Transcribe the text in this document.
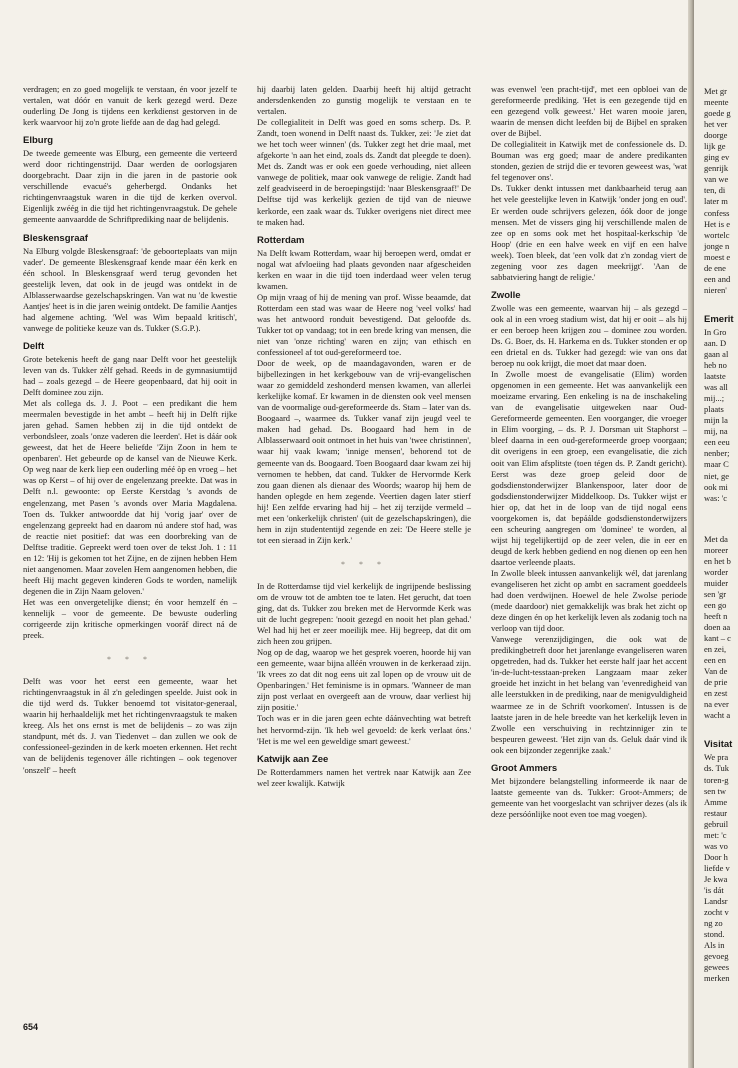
verdragen; en zo goed mogelijk te verstaan, én voor jezelf te vertalen, wat dóór en vanuit de kerk gezegd werd. Deze ouderling De Jong is tijdens een kerkdienst gestorven in de kerk waarvoor hij zo'n grote liefde aan de dag had gelegd.

Elburg

De tweede gemeente was Elburg, een gemeente die verteerd werd door richtingenstrijd. Daar werden de oorlogsjaren doorgebracht. Daar zijn in die jaren in de pastorie ook verschillende evacué's geherbergd. Ondanks het richtingenvraagstuk waren in die tijd de kerken overvol. Eigenlijk zwéég in die tijd het richtingenvraagstuk. De gehele gemeente aanvaardde de Schriftprediking naar de belijdenis.

Bleskensgraaf

Na Elburg volgde Bleskensgraaf: 'de geboorteplaats van mijn vader'. De gemeente Bleskensgraaf kende maar één kerk en één school. In Bleskensgraaf werd terug gevonden het geestelijk leven, dat ook in de jeugd was ontdekt in de Alblasserwaardse gezelschapskringen. Van wat nu 'de kwestie Aantjes' heet is in die jaren weinig ontdekt. De familie Aantjes had algemene achting. 'Wel was Wim bepaald kritisch', vanwege de politieke keuze van ds. Tukker (S.G.P.).

Delft

Grote betekenis heeft de gang naar Delft voor het geestelijk leven van ds. Tukker zèlf gehad. Reeds in de gymnasiumtijd had – zoals gezegd – de Heere geopenbaard, dat hij ooit in Delft dominee zou zijn.

Met als collega ds. J. J. Poot – een predikant die hem meermalen bevestigde in het ambt – heeft hij in Delft rijke jaren gehad. Samen hebben zij in die tijd ontdekt de verbondsleer, zoals 'onze vaderen die leerden'. Het is dáár ook geweest, dat het de Heere beliefde 'Zijn Zoon in hem te openbaren'. Het gebeurde op de kansel van de Nieuwe Kerk. Op weg naar de kerk liep een ouderling méé òp en vroeg – het was op Kerst – of hij over de engelenzang preekte. Dat was in Delft n.l. gewoonte: op Eerste Kerstdag 's avonds de engelenzang, met Pasen 's avonds over Maria Magdalena. Toen ds. Tukker antwoordde dat hij 'vorig jaar' over de engelenzang gepreekt had en daarom nú andere stof had, was de reactie niet positief: dat was een doorbreking van de Delftse traditie. Gepreekt werd toen over de tekst Joh. 1 : 11 en 12: 'Hij is gekomen tot het Zijne, en de zijnen hebben Hem niet aangenomen. Maar zovelen Hem aangenomen hebben, die heeft Hij macht gegeven kinderen Gods te worden, namelijk degenen die in Zijn Naam geloven.'

Het was een onvergetelijke dienst; én voor hemzelf én – kennelijk – voor de gemeente. De bewuste ouderling corrigeerde zijn kritische opmerkingen vooráf direct ná de preek.

* * *

Delft was voor het eerst een gemeente, waar het richtingenvraagstuk in ál z'n geledingen speelde. Juist ook in die tijd werd ds. Tukker benoemd tot visitator-generaal, waarin hij herhaaldelijk met het richtingenvraagstuk te maken kreeg. Als het ons ernst is met de belijdenis – zo was zijn standpunt, mét ds. J. van Tiedenvet – dan zullen we ook de confessioneel-gezinden in de kerk moeten erkennen. Het recht van de belijdenis tegenover álle richtingen – ook tegenover 'onszelf' – heeft

hij daarbij laten gelden. Daarbij heeft hij altijd getracht andersdenkenden zo gunstig mogelijk te verstaan en te vertalen.

De collegialiteit in Delft was goed en soms scherp. Ds. P. Zandt, toen wonend in Delft naast ds. Tukker, zei: 'Je ziet dat we het toch weer winnen' (ds. Tukker zegt het drie maal, met afgekorte 'n aan het eind, zoals ds. Zandt dat pleegde te doen). Met ds. Zandt was er ook een goede verhouding, niet alleen vanwege de politiek, maar ook vanwege de religie. Zandt had zelf geadviseerd in de beroepingstijd: 'naar Bleskensgraaf!' De Delftse tijd was kerkelijk gezien de tijd van de nieuwe kerkorde, een zaak waar ds. Tukker overigens niet direct mee te maken had.

Rotterdam

Na Delft kwam Rotterdam, waar hij beroepen werd, omdat er nogal wat afvloeiing had plaats gevonden naar afgescheiden kerken en waar in die tijd toen inderdaad weer velen terug kwamen.

Op mijn vraag of hij de mening van prof. Wisse beaamde, dat Rotterdam een stad was waar de Heere nog 'veel volks' had was het antwoord ronduit bevestigend. Dat geloofde ds. Tukker tot op vandaag; tot in een brede kring van mensen, die niet van 'onze richting' waren en zijn; van ethisch en confessioneel af tot oud-gereformeerd toe.

Door de week, op de maandagavonden, waren er de bijbellezingen in het kerkgebouw van de vrij-evangelischen waar zo gemiddeld zeshonderd mensen kwamen, van allerlei kerkelijke komaf. Er kwamen in de diensten ook veel mensen van de voormalige oud-gereformeerde ds. Stam – later van ds. Boogaard –, waarmee ds. Tukker vanaf zijn jeugd veel te maken had gehad. Ds. Boogaard had hem in de Alblasserwaard ooit ontmoet in het huis van 'twee christinnen', waar hij vaak kwam; 'innige mensen', behorend tot de gemeente van ds. Boogaard. Toen Boogaard daar kwam zei hij vernomen te hebben, dat cand. Tukker de Hervormde Kerk zou gaan dienen als dienaar des Woords; waarop hij hem de handen oplegde en hem zegende. Veertien dagen later stierf hij! Een zelfde ervaring had hij – het zij terzijde vermeld – met een 'onkerkelijk christen' (uit de gezelschapskringen), die hem in zijn studententijd zegende en zei: 'De Heere stelle je tot een sieraad in Zijn kerk.'

* * *

In de Rotterdamse tijd viel kerkelijk de ingrijpende beslissing om de vrouw tot de ambten toe te laten. Het gerucht, dat toen ging, dat ds. Tukker zou breken met de Hervormde Kerk was uit de lucht gegrepen: 'nooit gezegd en nooit het plan gehad.' Wel had hij het er zeer moeilijk mee. Hij begreep, dat dit om zich heen zou grijpen.

Nog op de dag, waarop we het gesprek voeren, hoorde hij van een gemeente, waar bijna alléén vrouwen in de kerkeraad zijn. 'Ik vrees zo dat dit nog eens uit zal lopen op de vrouw uit de Openbaringen.' Het feminisme is in opmars. 'Wanneer de man zijn post verlaat en overgeeft aan de vrouw, daar verliest hij zijn positie.'

Toch was er in die jaren geen echte dáánvechting wat betreft het hervormd-zijn. 'Ik heb wel gevoeld: de kerk verlaat óns.' 'Het is me wel een geweldige smart geweest.'

Katwijk aan Zee

De Rotterdammers namen het vertrek naar Katwijk aan Zee wel zeer kwalijk. Katwijk

was evenwel 'een pracht-tijd', met een opbloei van de gereformeerde prediking. 'Het is een gezegende tijd en een gezegend volk geweest.' Het waren mooie jaren, waarin de mensen dicht leefden bij de Bijbel en spraken over de Bijbel.

De collegialiteit in Katwijk met de confessionele ds. D. Bouman was erg goed; maar de andere predikanten stonden, gezien de strijd die er tevoren geweest was, 'wat fel tegenover ons'.

Ds. Tukker denkt intussen met dankbaarheid terug aan het vele geestelijke leven in Katwijk 'onder jong en oud'. Er werden oude schrijvers gelezen, óók door de jonge mensen. Met de vissers ging hij verschillende malen de zee op en soms ook met het hospitaal-kerkschip 'de Hoop' (drie en een halve week en vijf en een halve week). Toen bleek, dat 'een volk dat z'n zondag viert de zegening voor zes dagen meekrijgt'. 'Aan de sabbatviering hangt de religie.'

Zwolle

Zwolle was een gemeente, waarvan hij – als gezegd – ook al in een vroeg stadium wist, dat hij er ooit – als hij er een beroep heen krijgen zou – dominee zou worden. Ds. G. Boer, ds. H. Harkema en ds. Tukker stonden er op een drietal en ds. Tukker had gezegd: wie van ons dat beroep nu ook krijgt, die moet dat maar doen.

In Zwolle moest de evangelisatie (Elim) worden opgenomen in een gemeente. Het was aanvankelijk een moeizame ervaring. Een enkeling is na de inschakeling van de evangelisatie uitgeweken naar Oud-Gereformeerde gemeenten. Een voorganger, die vroeger in Elim voorging, – ds. P. J. Dorsman uit Staphorst – bleef daarna in een oud-gereformeerde groep voorgaan; dit overigens in een groep, een evangelisatie, die zich ooit van Elim afsplitste (toen tégen ds. P. Zandt gericht). Eerst was deze groep geleid door de godsdienstonderwijzer Blankenspoor, later door de godsdienstonderwijzer Middelkoop. Ds. Tukker wijst er hier op, dat het in de loop van de tijd nogal eens voorgekomen is, dat bepáálde godsdienstonderwijzers een scheuring aangregen om 'dominee' te worden, al wijst hij tegelijkertijd op de zeer velen, die in eer en deugd de kerk hebben gediend en nog dienen op een hen daartoe verleende plaats.

In Zwolle bleek intussen aanvankelijk wél, dat jarenlang evangeliseren het zicht op ambt en sacrament goeddeels had doen verdwijnen. Hoewel de hele Zwolse periode (mede daardoor) niet gemakkelijk was brak het zicht op deze dingen én op het kerkelijk leven als zodanig toch na verloop van tijd door.

Vanwege verenzijdigingen, die ook wat de predikingbetreft door het jarenlange evangeliseren waren opgetreden, had ds. Tukker het eerste half jaar het accent 'in-de-lucht-tesstaan-preken Langzaam maar zeker groeide het inzicht in het belang van 'evenredigheid van alle leerstukken in de prediking, naar de menigvuldigheid waarmee ze in de Schrift voorkomen'. Intussen is de laatste jaren in de hele breedte van het kerkelijk leven in Zwolle een verschuiving in rechtzinniger zin te bespeuren geweest. 'Het zijn van ds. Geluk daár vind ik ook een bijzonder zegenrijke zaak.'

Groot Ammers

Met bijzondere belangstelling informeerde ik naar de laatste gemeente van ds. Tukker: Groot-Ammers; de gemeente van het voorgeslacht van schrijver dezes (als ik deze persóónlijke noot even toe mag voegen).

654

Met gr

meente

goede g

het ver

doorge

lijk ge

ging ev

genrijk

van we

ten, di

later m

confess

Het is e

wortelc

jonge n

moest e

de ene

een and

nieren'

Emerit

In Gro

aan. D

gaan al

heb no

laatste

was all

mij...;

plaats

mijn la

mij, na

een eeu

nenber;

maar C

niet, ge

ook mi

was: 'c

Met da

moreer

en het b

worder

muider

sen 'gr

een go

heeft n

doen aa

kant – c

en zei,

een en

Van de

de prie

en zest

na ever

wacht a

Visitat

We pra

ds. Tuk

toren-g

sen tw

Amme

restaur

gebruil

met: 'c

was vo

Door h

liefde v

Je kwa

'is dát

Landsr

zocht v

ng zo

stond.

Als in

gevoeg

gewees

merken
